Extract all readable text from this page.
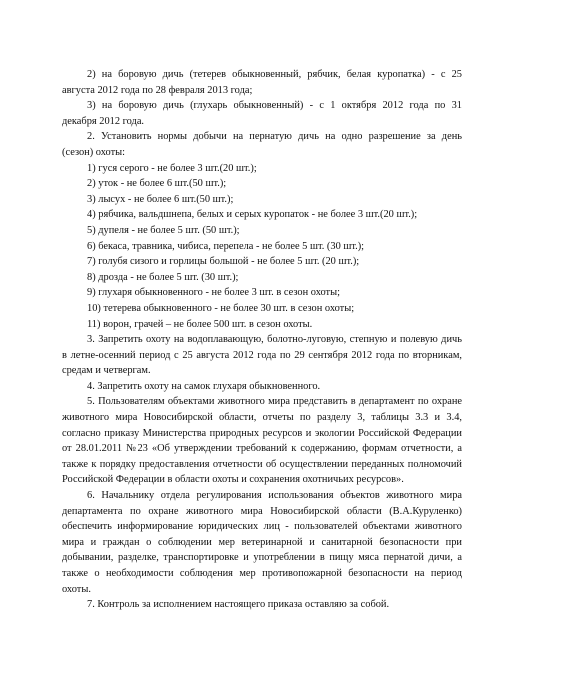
2) на боровую дичь (тетерев обыкновенный, рябчик, белая куропатка) - с 25

августа 2012 года по 28 февраля 2013 года;

3) на боровую дичь (глухарь обыкновенный) - с 1 октября 2012 года по 31

декабря 2012 года.

2. Установить нормы добычи на пернатую дичь на одно разрешение за день

(сезон) охоты:

1) гуся серого - не более 3 шт.(20 шт.);

2) уток - не более 6 шт.(50 шт.);

3) лысух - не более 6 шт.(50 шт.);

4) рябчика, вальдшнепа, белых и серых куропаток - не более 3 шт.(20 шт.);

5) дупеля - не более 5 шт. (50 шт.);

6) бекаса, травника, чибиса, перепела - не более 5 шт. (30 шт.);

7) голубя сизого и горлицы большой - не более 5 шт. (20 шт.);

8) дрозда - не более 5 шт. (30 шт.);

9) глухаря обыкновенного - не более 3 шт. в сезон охоты;

10) тетерева обыкновенного - не более 30 шт. в сезон охоты;

11) ворон, грачей – не более 500 шт. в сезон охоты.

3. Запретить охоту на водоплавающую, болотно-луговую, степную и полевую дичь в летне-осенний период с 25 августа 2012 года по 29 сентября 2012 года по вторникам, средам и четвергам.

4. Запретить охоту на самок глухаря обыкновенного.

5. Пользователям объектами животного мира представить в департамент по охране животного мира Новосибирской области, отчеты по разделу 3, таблицы 3.3 и 3.4, согласно приказу Министерства природных ресурсов и экологии Российской Федерации от 28.01.2011 №23 «Об утверждении требований к содержанию, формам отчетности, а также к порядку предоставления отчетности об осуществлении переданных полномочий Российской Федерации в области охоты и сохранения охотничьих ресурсов».

6. Начальнику отдела регулирования использования объектов животного мира департамента по охране животного мира Новосибирской области (В.А.Куруленко) обеспечить информирование юридических лиц - пользователей объектами животного мира и граждан о соблюдении мер ветеринарной и санитарной безопасности при добывании, разделке, транспортировке и употреблении в пищу мяса пернатой дичи, а также о необходимости соблюдения мер противопожарной безопасности на период охоты.

7. Контроль за исполнением настоящего приказа оставляю за собой.
